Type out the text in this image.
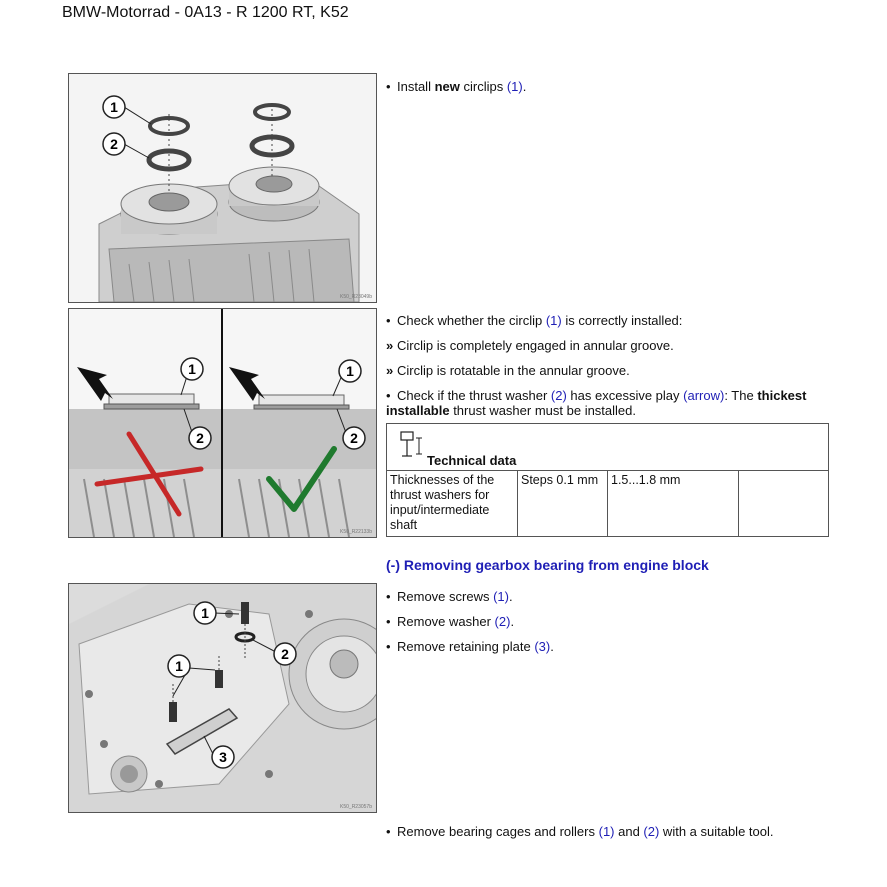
BMW-Motorrad - 0A13 - R 1200 RT, K52
1
2
K50_R23049b
1
2
1
2
K50_R22133b
1
1
2
3
K50_R23057b
• Install new circlips (1).
• Check whether the circlip (1) is correctly installed:
» Circlip is completely engaged in annular groove.
» Circlip is rotatable in the annular groove.
• Check if the thrust washer (2) has excessive play (arrow): The thickest installable thrust washer must be installed.
Technical data

Thicknesses of the thrust washers for input/intermediate shaft	Steps 0.1 mm	1.5...1.8 mm	
(-) Removing gearbox bearing from engine block
• Remove screws (1).
• Remove washer (2).
• Remove retaining plate (3).
• Remove bearing cages and rollers (1) and (2) with a suitable tool.
